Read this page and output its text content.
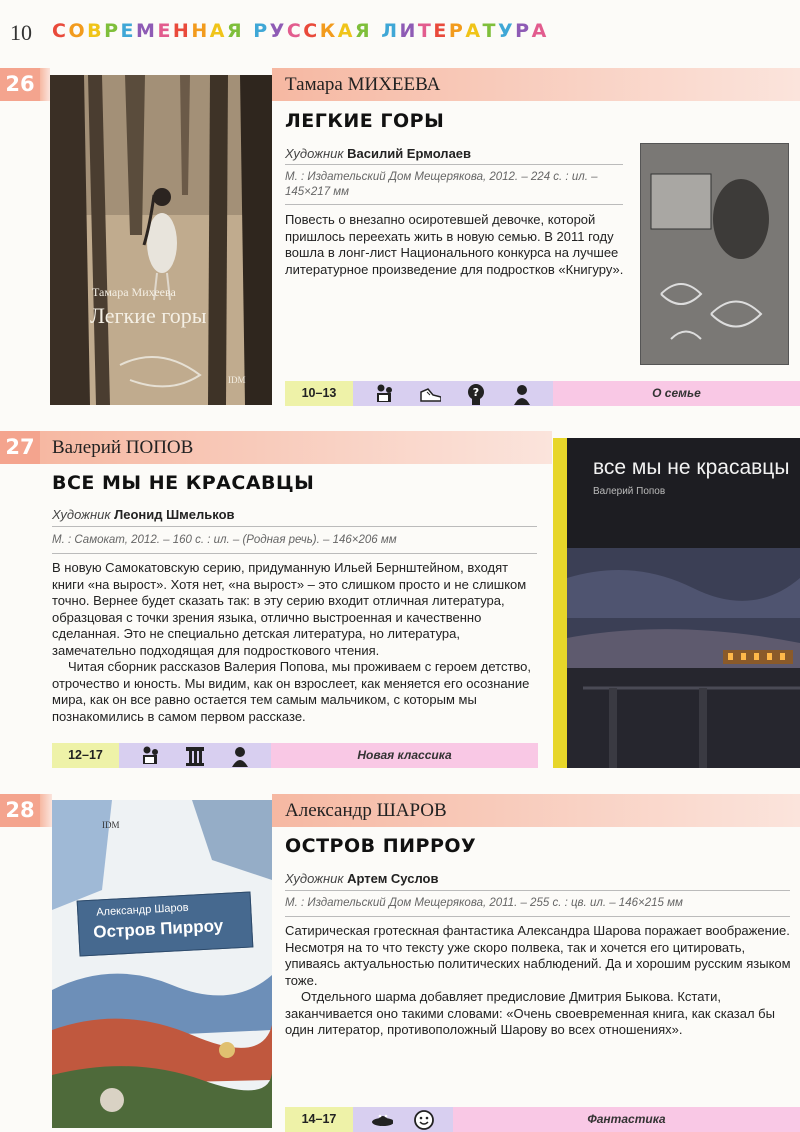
10 СОВРЕМЕННАЯ РУССКАЯ ЛИТЕРАТУРА
26
Тамара Михеева
Легкие горы
IDM
Тамара МИХЕЕВА
ЛЕГКИЕ ГОРЫ
Художник Василий Ермолаев
М. : Издательский Дом Мещерякова, 2012. – 224 с. : ил. – 145×217 мм

Повесть о внезапно осиротевшей девочке, которой пришлось переехать жить в новую семью. В 2011 году вошла в лонг-лист Национального конкурса на лучшее литературное произведение для подростков «Книгуру».

10–13	?	О семье
27 Валерий ПОПОВ
ВСЕ МЫ НЕ КРАСАВЦЫ
Художник Леонид Шмельков
М. : Самокат, 2012. – 160 с. : ил. – (Родная речь). – 146×206 мм

В новую Самокатовскую серию, придуманную Ильей Бернштейном, входят книги «на вырост». Хотя нет, «на вырост» – это слишком просто и не слишком точно. Вернее будет сказать так: в эту серию входит отличная литература, образцовая с точки зрения языка, отлично выстроенная и качественно сделанная. Это не специально детская литература, но литература, замечательно подходящая для подросткового чтения.

Читая сборник рассказов Валерия Попова, мы проживаем с героем детство, отрочество и юность. Мы видим, как он взрослеет, как меняется его осознание мира, как он все равно остается тем самым мальчиком, с которым мы познакомились в самом первом рассказе.

все мы не красавцы
Валерий Попов
12–17	Новая классика
28
IDM
Александр Шаров
Остров Пирроу
Александр ШАРОВ
ОСТРОВ ПИРРОУ
Художник Артем Суслов
М. : Издательский Дом Мещерякова, 2011. – 255 с. : цв. ил. – 146×215 мм

Сатирическая гротескная фантастика Александра Шарова поражает воображение. Несмотря на то что тексту уже скоро полвека, так и хочется его цитировать, упиваясь актуальностью политических наблюдений. Да и хорошим русским языком тоже.

Отдельного шарма добавляет предисловие Дмитрия Быкова. Кстати, заканчивается оно такими словами: «Очень своевременная книга, как сказал бы один литератор, противоположный Шарову во всех отношениях».

14–17	Фантастика
